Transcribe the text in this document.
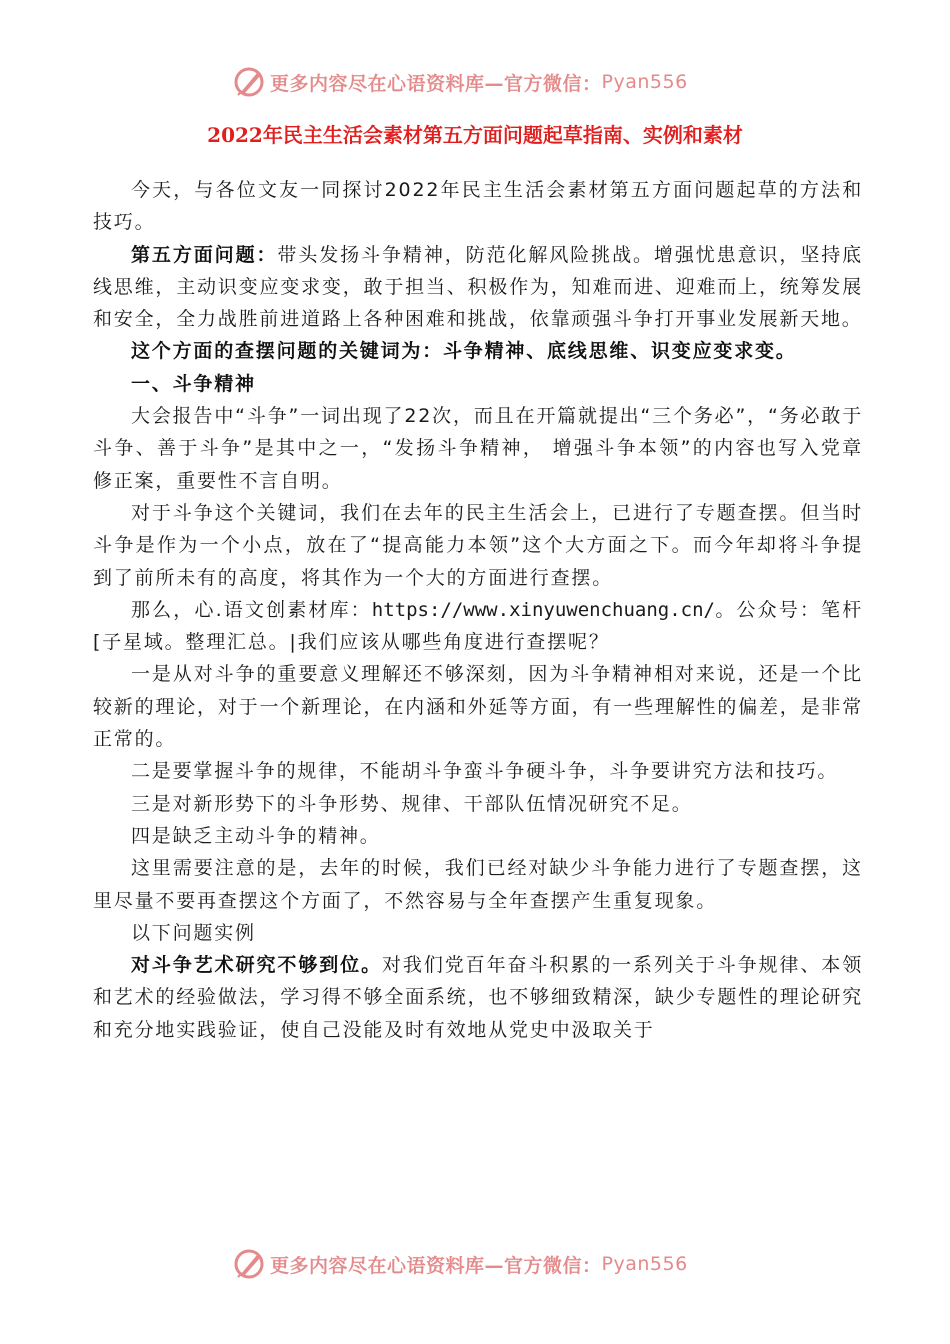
更多内容尽在心语资料库—官方微信： Pyan556
2022年民主生活会素材第五方面问题起草指南、实例和素材

今天，与各位文友一同探讨2022年民主生活会素材第五方面问题起草的方法和技巧。

第五方面问题：带头发扬斗争精神，防范化解风险挑战。增强忧患意识，坚持底线思维，主动识变应变求变，敢于担当、积极作为，知难而进、迎难而上，统筹发展和安全，全力战胜前进道路上各种困难和挑战，依靠顽强斗争打开事业发展新天地。

这个方面的查摆问题的关键词为：斗争精神、底线思维、识变应变求变。

一、斗争精神

大会报告中“斗争”一词出现了22次，而且在开篇就提出“三个务必”，“务必敢于斗争、善于斗争”是其中之一，“发扬斗争精神， 增强斗争本领”的内容也写入党章修正案，重要性不言自明。

对于斗争这个关键词，我们在去年的民主生活会上，已进行了专题查摆。但当时斗争是作为一个小点，放在了“提高能力本领”这个大方面之下。而今年却将斗争提到了前所未有的高度，将其作为一个大的方面进行查摆。

那么，心.语文创素材库：https://www.xinyuwenchuang.cn/。公众号：笔杆[子星域。整理汇总。|我们应该从哪些角度进行查摆呢？

一是从对斗争的重要意义理解还不够深刻，因为斗争精神相对来说，还是一个比较新的理论，对于一个新理论，在内涵和外延等方面，有一些理解性的偏差，是非常正常的。

二是要掌握斗争的规律，不能胡斗争蛮斗争硬斗争，斗争要讲究方法和技巧。

三是对新形势下的斗争形势、规律、干部队伍情况研究不足。

四是缺乏主动斗争的精神。

这里需要注意的是，去年的时候，我们已经对缺少斗争能力进行了专题查摆，这里尽量不要再查摆这个方面了，不然容易与全年查摆产生重复现象。

以下问题实例

对斗争艺术研究不够到位。对我们党百年奋斗积累的一系列关于斗争规律、本领和艺术的经验做法，学习得不够全面系统，也不够细致精深，缺少专题性的理论研究和充分地实践验证，使自己没能及时有效地从党史中汲取关于

更多内容尽在心语资料库—官方微信： Pyan556
